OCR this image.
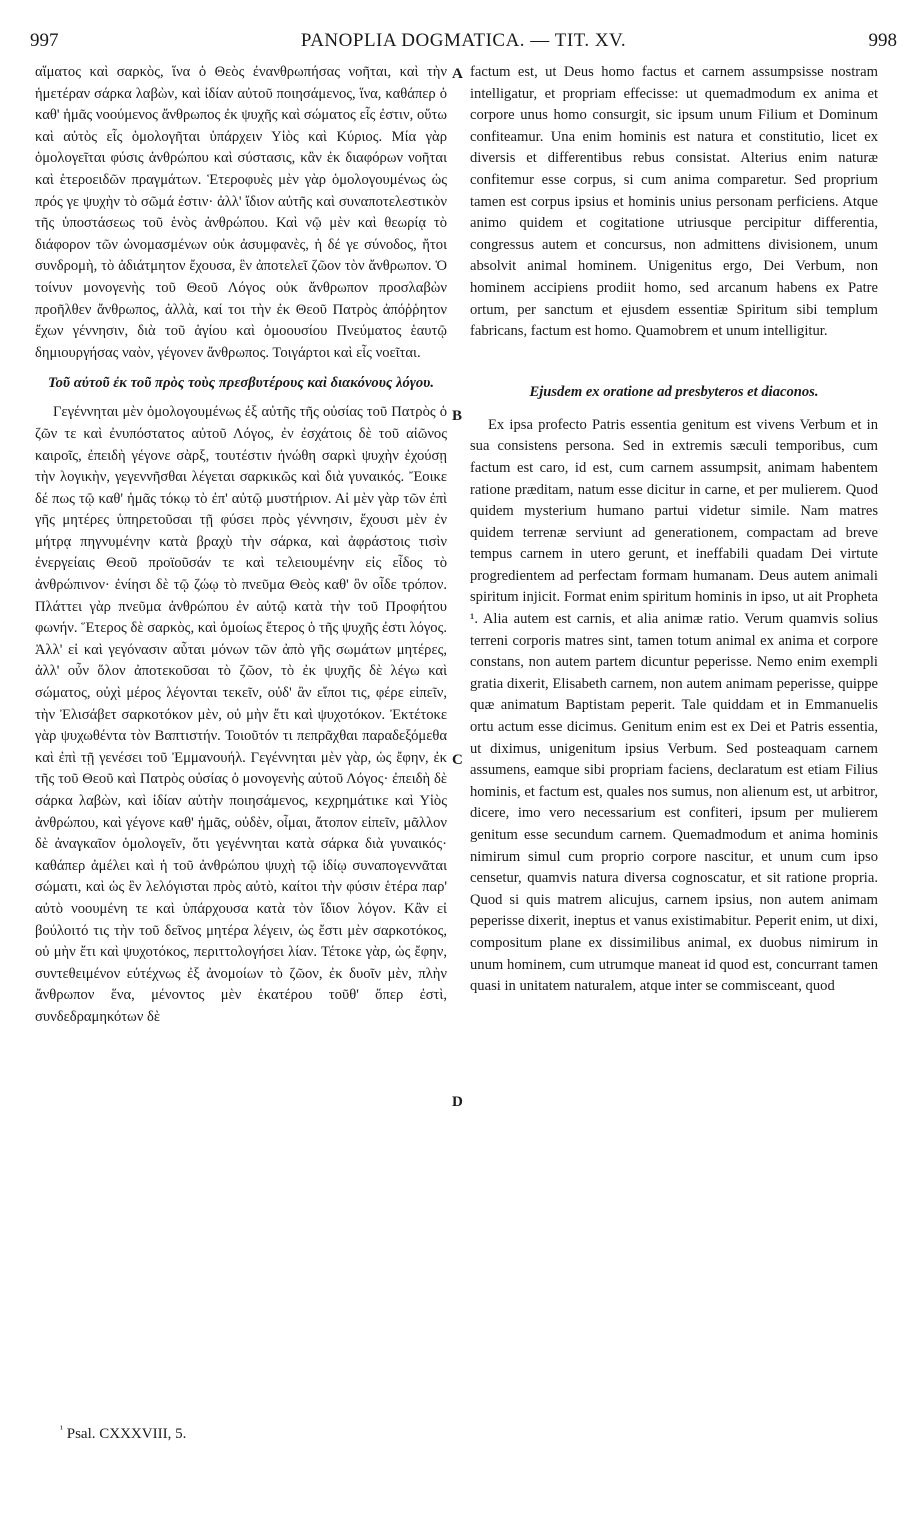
997	PANOPLIA DOGMATICA. — TIT. XV.	998

αἵματος καὶ σαρκὸς, ἵνα ὁ Θεὸς ἐνανθρωπήσας νοῆται, καὶ τὴν ἡμετέραν σάρκα λαβὼν, καὶ ἰδίαν αὐτοῦ ποιησάμενος, ἵνα, καθάπερ ὁ καθ' ἡμᾶς νοούμενος ἄνθρωπος ἐκ ψυχῆς καὶ σώματος εἷς ἐστιν, οὕτω καὶ αὐτὸς εἷς ὁμολογῆται ὑπάρχειν Υἱὸς καὶ Κύριος. Μία γὰρ ὁμολογεῖται φύσις ἀνθρώπου καὶ σύστασις, κἂν ἐκ διαφόρων νοῆται καὶ ἑτεροειδῶν πραγμάτων. Ἑτεροφυὲς μὲν γὰρ ὁμολογουμένως ὡς πρός γε ψυχὴν τὸ σῶμά ἐστιν· ἀλλ' ἴδιον αὐτῆς καὶ συναποτελεστικὸν τῆς ὑποστάσεως τοῦ ἑνὸς ἀνθρώπου. Καὶ νῷ μὲν καὶ θεωρίᾳ τὸ διάφορον τῶν ὠνομασμένων οὐκ ἀσυμφανὲς, ἡ δέ γε σύνοδος, ἤτοι συνδρομὴ, τὸ ἀδιάτμητον ἔχουσα, ἓν ἀποτελεῖ ζῶον τὸν ἄνθρωπον. Ὁ τοίνυν μονογενὴς τοῦ Θεοῦ Λόγος οὐκ ἄνθρωπον προσλαβὼν προῆλθεν ἄνθρωπος, ἀλλὰ, καί τοι τὴν ἐκ Θεοῦ Πατρὸς ἀπόῤῥητον ἔχων γέννησιν, διὰ τοῦ ἁγίου καὶ ὁμοουσίου Πνεύματος ἑαυτῷ δημιουργήσας ναὸν, γέγονεν ἄνθρωπος. Τοιγάρτοι καὶ εἷς νοεῖται.

Τοῦ αὐτοῦ ἐκ τοῦ πρὸς τοὺς πρεσβυτέρους καὶ διακόνους λόγου.

Γεγέννηται μὲν ὁμολογουμένως ἐξ αὐτῆς τῆς οὐσίας τοῦ Πατρὸς ὁ ζῶν τε καὶ ἐνυπόστατος αὐτοῦ Λόγος, ἐν ἐσχάτοις δὲ τοῦ αἰῶνος καιροῖς, ἐπειδὴ γέγονε σὰρξ, τουτέστιν ἡνώθη σαρκὶ ψυχὴν ἐχούσῃ τὴν λογικὴν, γεγεννῆσθαι λέγεται σαρκικῶς καὶ διὰ γυναικός. Ἔοικε δέ πως τῷ καθ' ἡμᾶς τόκῳ τὸ ἐπ' αὐτῷ μυστήριον. Αἱ μὲν γὰρ τῶν ἐπὶ γῆς μητέρες ὑπηρετοῦσαι τῇ φύσει πρὸς γέννησιν, ἔχουσι μὲν ἐν μήτρᾳ πηγνυμένην κατὰ βραχὺ τὴν σάρκα, καὶ ἀφράστοις τισὶν ἐνεργείαις Θεοῦ προϊοῦσάν τε καὶ τελειουμένην εἰς εἶδος τὸ ἀνθρώπινον· ἐνίησι δὲ τῷ ζώῳ τὸ πνεῦμα Θεὸς καθ' ὃν οἶδε τρόπον. Πλάττει γὰρ πνεῦμα ἀνθρώπου ἐν αὐτῷ κατὰ τὴν τοῦ Προφήτου φωνήν. Ἕτερος δὲ σαρκὸς, καὶ ὁμοίως ἕτερος ὁ τῆς ψυχῆς ἐστι λόγος. Ἀλλ' εἰ καὶ γεγόνασιν αὗται μόνων τῶν ἀπὸ γῆς σωμάτων μητέρες, ἀλλ' οὖν ὅλον ἀποτεκοῦσαι τὸ ζῶον, τὸ ἐκ ψυχῆς δὲ λέγω καὶ σώματος, οὐχὶ μέρος λέγονται τεκεῖν, οὐδ' ἂν εἴποι τις, φέρε εἰπεῖν, τὴν Ἐλισάβετ σαρκοτόκον μὲν, οὐ μὴν ἔτι καὶ ψυχοτόκον. Ἐκτέτοκε γὰρ ψυχωθέντα τὸν Βαπτιστήν. Τοιοῦτόν τι πεπρᾶχθαι παραδεξόμεθα καὶ ἐπὶ τῇ γενέσει τοῦ Ἐμμανουήλ. Γεγέννηται μὲν γὰρ, ὡς ἔφην, ἐκ τῆς τοῦ Θεοῦ καὶ Πατρὸς οὐσίας ὁ μονογενὴς αὐτοῦ Λόγος· ἐπειδὴ δὲ σάρκα λαβὼν, καὶ ἰδίαν αὐτὴν ποιησάμενος, κεχρημάτικε καὶ Υἱὸς ἀνθρώπου, καὶ γέγονε καθ' ἡμᾶς, οὐδὲν, οἶμαι, ἄτοπον εἰπεῖν, μᾶλλον δὲ ἀναγκαῖον ὁμολογεῖν, ὅτι γεγέννηται κατὰ σάρκα διὰ γυναικός· καθάπερ ἀμέλει καὶ ἡ τοῦ ἀνθρώπου ψυχὴ τῷ ἰδίῳ συναπογεννᾶται σώματι, καὶ ὡς ἓν λελόγισται πρὸς αὐτὸ, καίτοι τὴν φύσιν ἑτέρα παρ' αὐτὸ νοουμένη τε καὶ ὑπάρχουσα κατὰ τὸν ἴδιον λόγον. Κἂν εἰ βούλοιτό τις τὴν τοῦ δεῖνος μητέρα λέγειν, ὡς ἔστι μὲν σαρκοτόκος, οὐ μὴν ἔτι καὶ ψυχοτόκος, περιττολογήσει λίαν. Τέτοκε γὰρ, ὡς ἔφην, συντεθειμένον εὐτέχνως ἐξ ἀνομοίων τὸ ζῶον, ἐκ δυοῖν μὲν, πλὴν ἄνθρωπον ἕνα, μένοντος μὲν ἑκατέρου τοῦθ' ὅπερ ἐστὶ, συνδεδραμηκότων δὲ

factum est, ut Deus homo factus et carnem assumpsisse nostram intelligatur, et propriam effecisse: ut quemadmodum ex anima et corpore unus homo consurgit, sic ipsum unum Filium et Dominum confiteamur. Una enim hominis est natura et constitutio, licet ex diversis et differentibus rebus consistat. Alterius enim naturæ confitemur esse corpus, si cum anima comparetur. Sed proprium tamen est corpus ipsius et hominis unius personam perficiens. Atque animo quidem et cogitatione utriusque percipitur differentia, congressus autem et concursus, non admittens divisionem, unum absolvit animal hominem. Unigenitus ergo, Dei Verbum, non hominem accipiens prodiit homo, sed arcanum habens ex Patre ortum, per sanctum et ejusdem essentiæ Spiritum sibi templum fabricans, factum est homo. Quamobrem et unum intelligitur.

Ejusdem ex oratione ad presbyteros et diaconos.

Ex ipsa profecto Patris essentia genitum est vivens Verbum et in sua consistens persona. Sed in extremis sæculi temporibus, cum factum est caro, id est, cum carnem assumpsit, animam habentem ratione præditam, natum esse dicitur in carne, et per mulierem. Quod quidem mysterium humano partui videtur simile. Nam matres quidem terrenæ serviunt ad generationem, compactam ad breve tempus carnem in utero gerunt, et ineffabili quadam Dei virtute progredientem ad perfectam formam humanam. Deus autem animali spiritum injicit. Format enim spiritum hominis in ipso, ut ait Propheta ¹. Alia autem est carnis, et alia animæ ratio. Verum quamvis solius terreni corporis matres sint, tamen totum animal ex anima et corpore constans, non autem partem dicuntur peperisse. Nemo enim exempli gratia dixerit, Elisabeth carnem, non autem animam peperisse, quippe quæ animatum Baptistam peperit. Tale quiddam et in Emmanuelis ortu actum esse dicimus. Genitum enim est ex Dei et Patris essentia, ut diximus, unigenitum ipsius Verbum. Sed posteaquam carnem assumens, eamque sibi propriam faciens, declaratum est etiam Filius hominis, et factum est, quales nos sumus, non alienum est, ut arbitror, dicere, imo vero necessarium est confiteri, ipsum per mulierem genitum esse secundum carnem. Quemadmodum et anima hominis nimirum simul cum proprio corpore nascitur, et unum cum ipso censetur, quamvis natura diversa cognoscatur, et sit ratione propria. Quod si quis matrem alicujus, carnem ipsius, non autem animam peperisse dixerit, ineptus et vanus existimabitur. Peperit enim, ut dixi, compositum plane ex dissimilibus animal, ex duobus nimirum in unum hominem, cum utrumque maneat id quod est, concurrant tamen quasi in unitatem naturalem, atque inter se commisceant, quod

A
B
C
D
$^{^1}$ Psal. CXXXVIII, 5.
